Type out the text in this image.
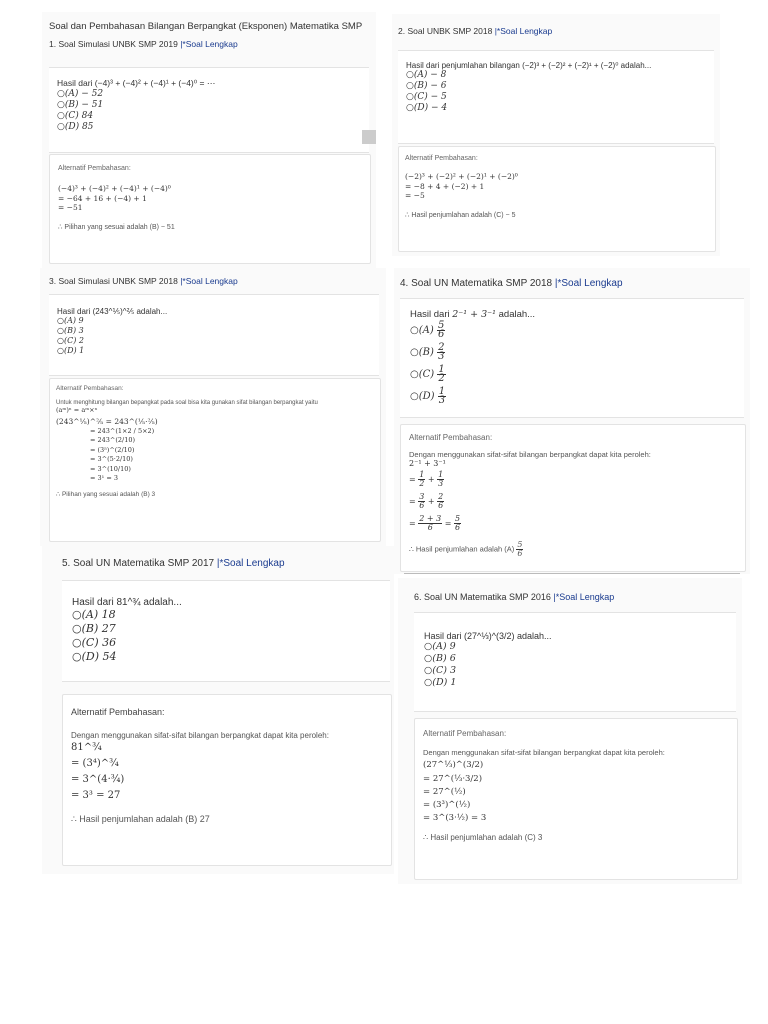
Soal dan Pembahasan Bilangan Berpangkat (Eksponen) Matematika SMP
1. Soal Simulasi UNBK SMP 2019 |*Soal Lengkap
Hasil dari (−4)³ + (−4)² + (−4)¹ + (−4)⁰ = ⋯
○(A) − 52
○(B) − 51
○(C) 84
○(D) 85
Alternatif Pembahasan:
(−4)³ + (−4)² + (−4)¹ + (−4)⁰
= −64 + 16 + (−4) + 1
= −51
∴ Pilihan yang sesuai adalah (B) − 51
2. Soal UNBK SMP 2018 |*Soal Lengkap
Hasil dari penjumlahan bilangan (−2)³ + (−2)² + (−2)¹ + (−2)⁰ adalah...
○(A) − 8
○(B) − 6
○(C) − 5
○(D) − 4
Alternatif Pembahasan:
(−2)³ + (−2)² + (−2)¹ + (−2)⁰
= −8 + 4 + (−2) + 1
= −5
∴ Hasil penjumlahan adalah (C) − 5
3. Soal Simulasi UNBK SMP 2018 |*Soal Lengkap
Hasil dari (243^⅕)^⅖ adalah...
○(A) 9
○(B) 3
○(C) 2
○(D) 1
Alternatif Pembahasan:
Untuk menghitung bilangan bepangkat pada soal bisa kita gunakan sifat bilangan berpangkat yaitu
(aᵐ)ⁿ = aᵐ×ⁿ
(243^⅕)^⅖ = 243^(⅕·⅖)
= 243^(1×2 / 5×2)
= 243^(2/10)
= (3⁵)^(2/10)
= 3^(5·2/10)
= 3^(10/10)
= 3¹ = 3
∴ Pilihan yang sesuai adalah (B) 3
4. Soal UN Matematika SMP 2018 |*Soal Lengkap
Hasil dari 2⁻¹ + 3⁻¹ adalah...
○(A) $\frac{5}{6}$
○(B) $\frac{2}{3}$
○(C) $\frac{1}{2}$
○(D) $\frac{1}{3}$
Alternatif Pembahasan:
Dengan menggunakan sifat-sifat bilangan berpangkat dapat kita peroleh:
2⁻¹ + 3⁻¹
= $\frac{1}{2} + \frac{1}{3}$
= $\frac{3}{6} + \frac{2}{6}$
= $\frac{2 + 3}{6} = \frac{5}{6}$
∴ Hasil penjumlahan adalah $(A) \frac{5}{6}$
5. Soal UN Matematika SMP 2017 |*Soal Lengkap
Hasil dari 81^¾ adalah...
○(A) 18
○(B) 27
○(C) 36
○(D) 54
Alternatif Pembahasan:
Dengan menggunakan sifat-sifat bilangan berpangkat dapat kita peroleh:
81^¾
= (3⁴)^¾
= 3^(4·¾)
= 3³ = 27
∴ Hasil penjumlahan adalah (B) 27
6. Soal UN Matematika SMP 2016 |*Soal Lengkap
Hasil dari (27^⅓)^(3/2) adalah...
○(A) 9
○(B) 6
○(C) 3
○(D) 1
Alternatif Pembahasan:
Dengan menggunakan sifat-sifat bilangan berpangkat dapat kita peroleh:
(27^⅓)^(3/2)
= 27^(⅓·3/2)
= 27^(½)
= (3³)^(½)
= 3^(3·½) = 3
∴ Hasil penjumlahan adalah (C) 3
